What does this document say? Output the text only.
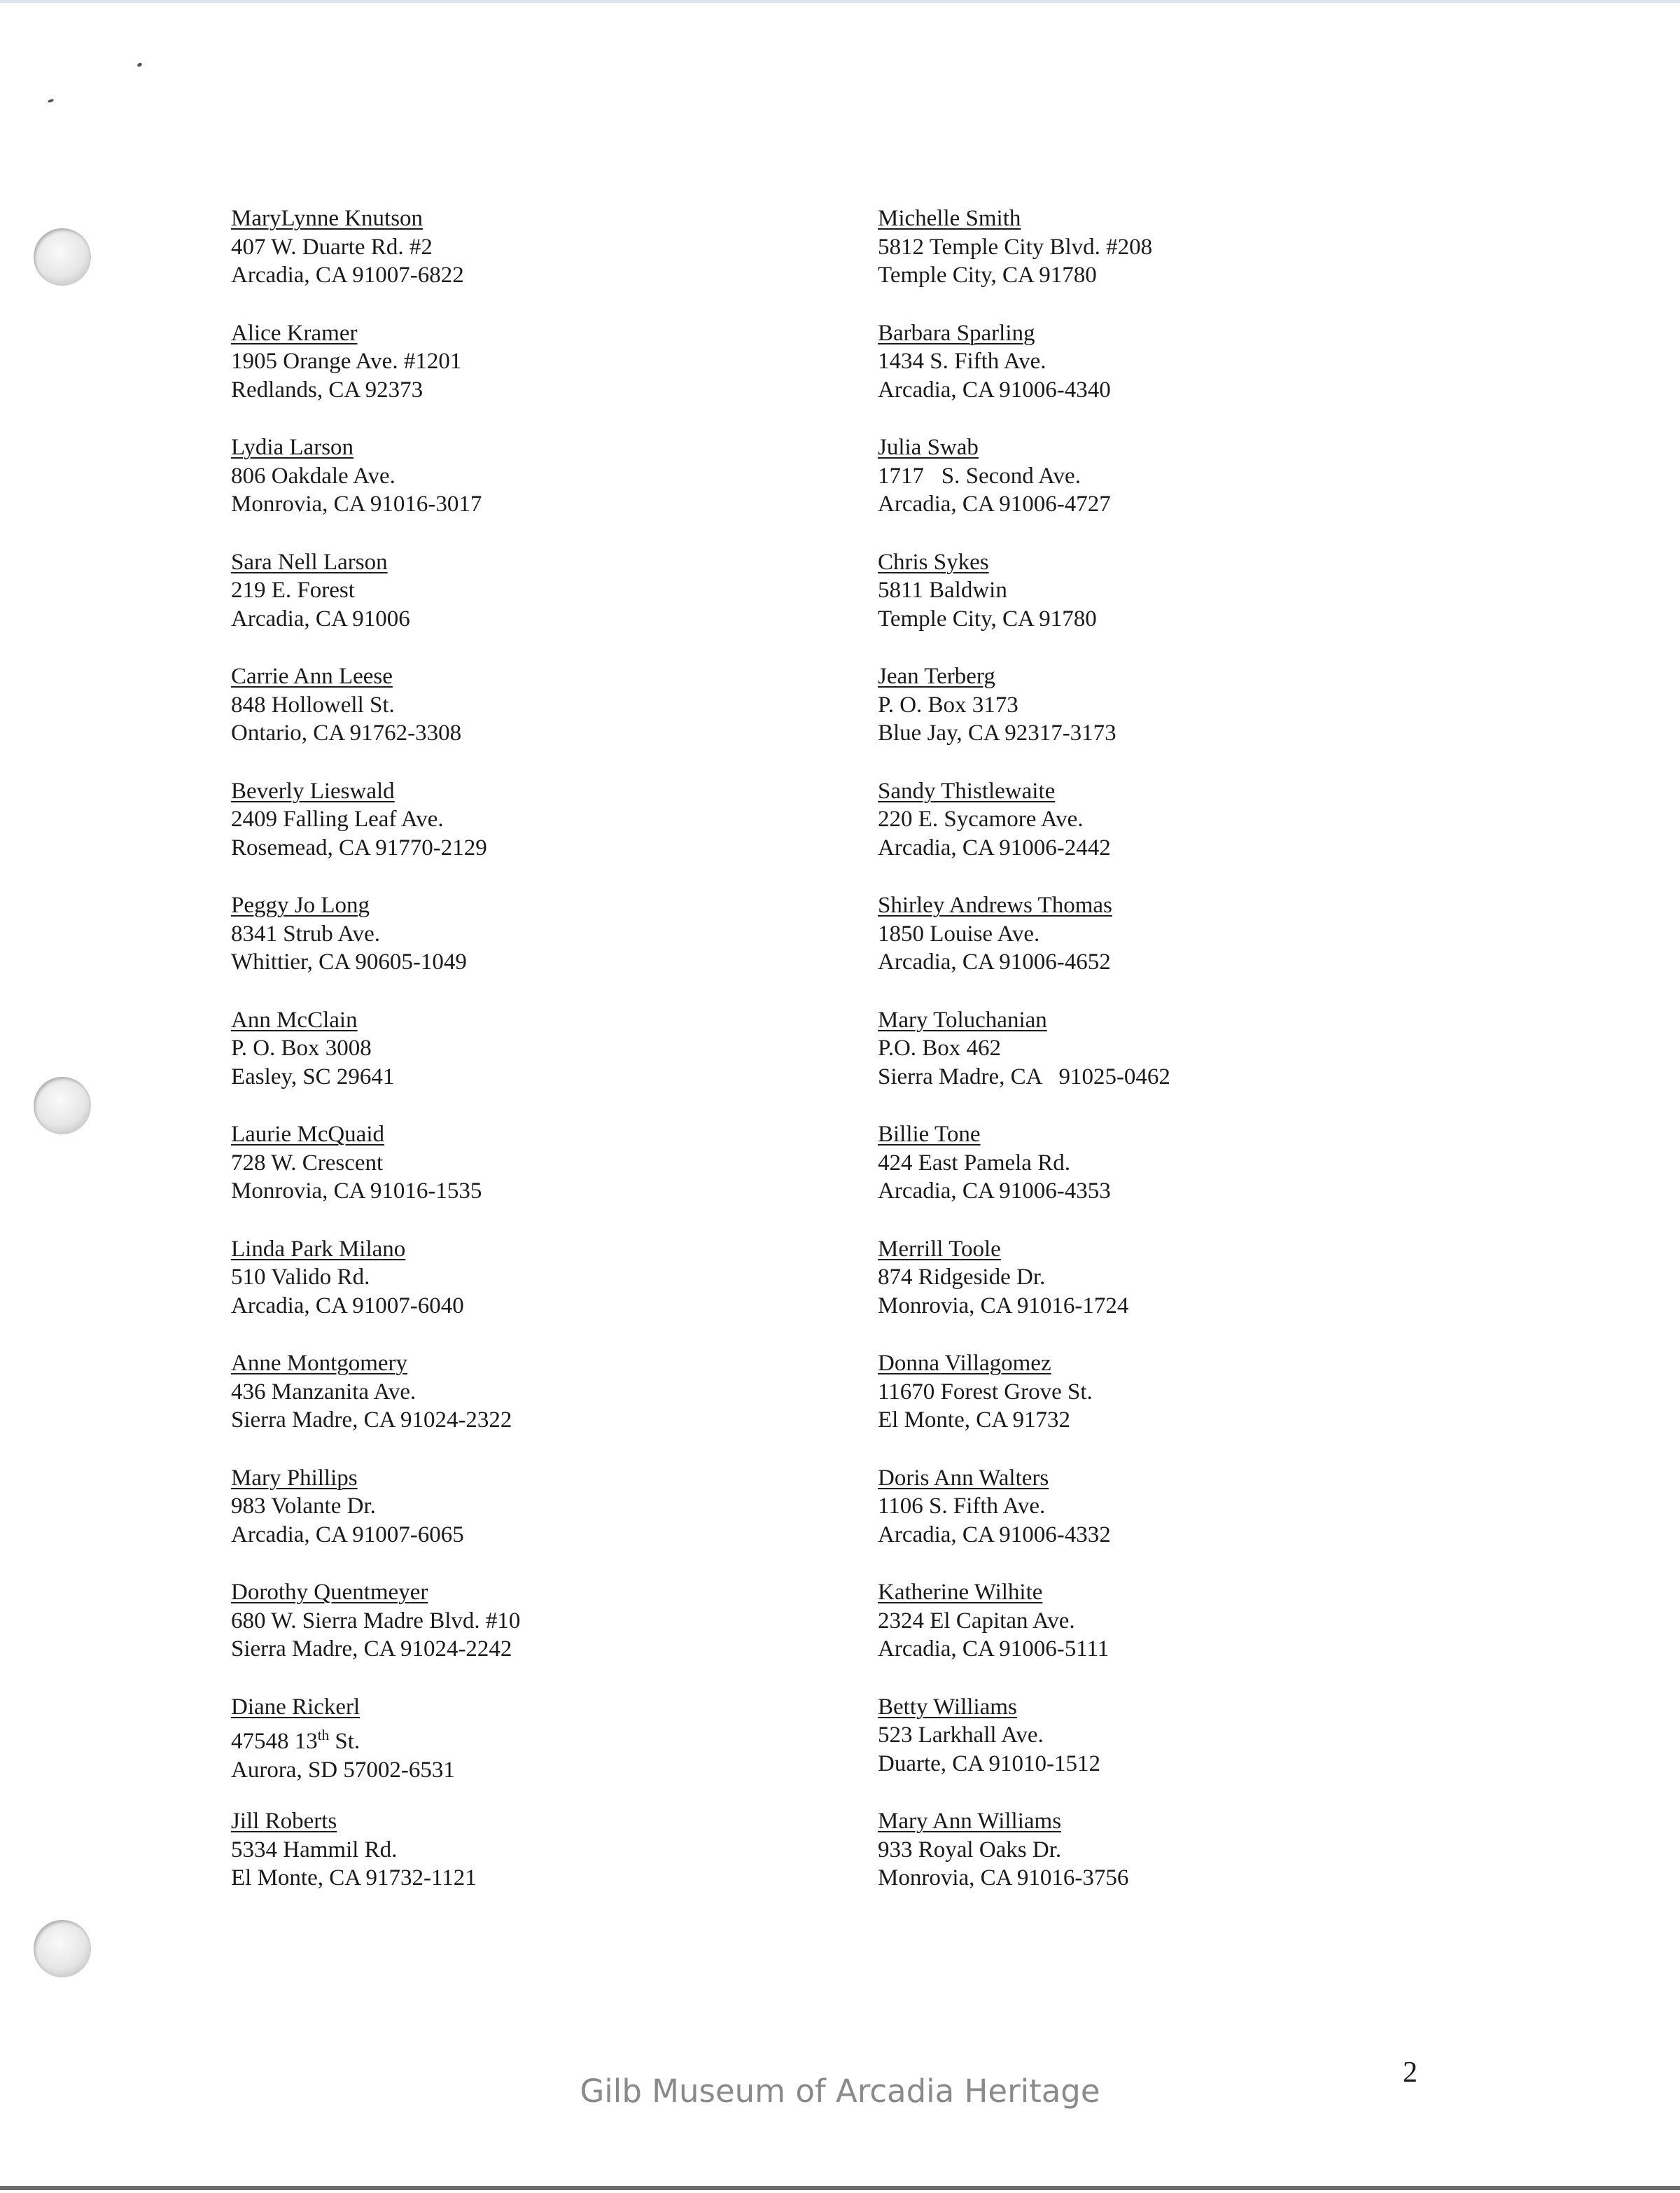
MaryLynne Knutson
407 W. Duarte Rd. #2
Arcadia, CA 91007-6822
Alice Kramer
1905 Orange Ave. #1201
Redlands, CA 92373
Lydia Larson
806 Oakdale Ave.
Monrovia, CA 91016-3017
Sara Nell Larson
219 E. Forest
Arcadia, CA 91006
Carrie Ann Leese
848 Hollowell St.
Ontario, CA 91762-3308
Beverly Lieswald
2409 Falling Leaf Ave.
Rosemead, CA 91770-2129
Peggy Jo Long
8341 Strub Ave.
Whittier, CA 90605-1049
Ann McClain
P. O. Box 3008
Easley, SC 29641
Laurie McQuaid
728 W. Crescent
Monrovia, CA 91016-1535
Linda Park Milano
510 Valido Rd.
Arcadia, CA 91007-6040
Anne Montgomery
436 Manzanita Ave.
Sierra Madre, CA 91024-2322
Mary Phillips
983 Volante Dr.
Arcadia, CA 91007-6065
Dorothy Quentmeyer
680 W. Sierra Madre Blvd. #10
Sierra Madre, CA 91024-2242
Diane Rickerl
47548 13th St.
Aurora, SD 57002-6531
Jill Roberts
5334 Hammil Rd.
El Monte, CA 91732-1121
Michelle Smith
5812 Temple City Blvd. #208
Temple City, CA 91780
Barbara Sparling
1434 S. Fifth Ave.
Arcadia, CA 91006-4340
Julia Swab
1717   S. Second Ave.
Arcadia, CA 91006-4727
Chris Sykes
5811 Baldwin
Temple City, CA 91780
Jean Terberg
P. O. Box 3173
Blue Jay, CA 92317-3173
Sandy Thistlewaite
220 E. Sycamore Ave.
Arcadia, CA 91006-2442
Shirley Andrews Thomas
1850 Louise Ave.
Arcadia, CA 91006-4652
Mary Toluchanian
P.O. Box 462
Sierra Madre, CA   91025-0462
Billie Tone
424 East Pamela Rd.
Arcadia, CA 91006-4353
Merrill Toole
874 Ridgeside Dr.
Monrovia, CA 91016-1724
Donna Villagomez
11670 Forest Grove St.
El Monte, CA 91732
Doris Ann Walters
1106 S. Fifth Ave.
Arcadia, CA 91006-4332
Katherine Wilhite
2324 El Capitan Ave.
Arcadia, CA 91006-5111
Betty Williams
523 Larkhall Ave.
Duarte, CA 91010-1512
Mary Ann Williams
933 Royal Oaks Dr.
Monrovia, CA 91016-3756
Gilb Museum of Arcadia Heritage	2
